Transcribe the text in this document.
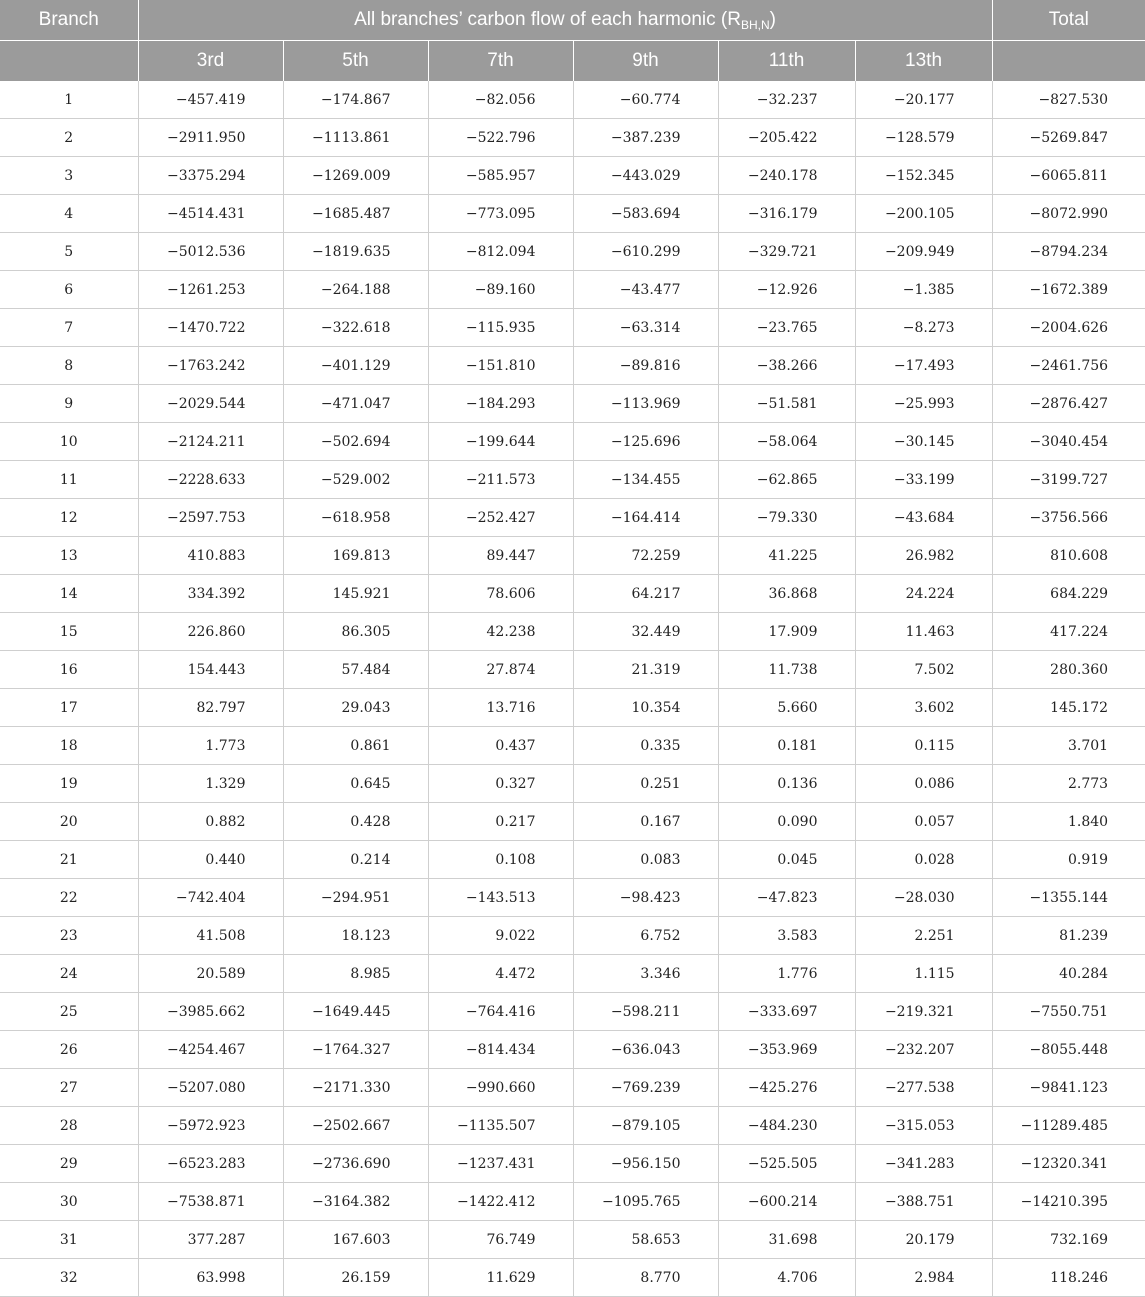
Branch	All branches’ carbon flow of each harmonic $(R_{BH,N})$						Total
	3rd	5th	7th	9th	11th	13th	
1	−457.419	−174.867	−82.056	−60.774	−32.237	−20.177	−827.530
2	−2911.950	−1113.861	−522.796	−387.239	−205.422	−128.579	−5269.847
3	−3375.294	−1269.009	−585.957	−443.029	−240.178	−152.345	−6065.811
4	−4514.431	−1685.487	−773.095	−583.694	−316.179	−200.105	−8072.990
5	−5012.536	−1819.635	−812.094	−610.299	−329.721	−209.949	−8794.234
6	−1261.253	−264.188	−89.160	−43.477	−12.926	−1.385	−1672.389
7	−1470.722	−322.618	−115.935	−63.314	−23.765	−8.273	−2004.626
8	−1763.242	−401.129	−151.810	−89.816	−38.266	−17.493	−2461.756
9	−2029.544	−471.047	−184.293	−113.969	−51.581	−25.993	−2876.427
10	−2124.211	−502.694	−199.644	−125.696	−58.064	−30.145	−3040.454
11	−2228.633	−529.002	−211.573	−134.455	−62.865	−33.199	−3199.727
12	−2597.753	−618.958	−252.427	−164.414	−79.330	−43.684	−3756.566
13	410.883	169.813	89.447	72.259	41.225	26.982	810.608
14	334.392	145.921	78.606	64.217	36.868	24.224	684.229
15	226.860	86.305	42.238	32.449	17.909	11.463	417.224
16	154.443	57.484	27.874	21.319	11.738	7.502	280.360
17	82.797	29.043	13.716	10.354	5.660	3.602	145.172
18	1.773	0.861	0.437	0.335	0.181	0.115	3.701
19	1.329	0.645	0.327	0.251	0.136	0.086	2.773
20	0.882	0.428	0.217	0.167	0.090	0.057	1.840
21	0.440	0.214	0.108	0.083	0.045	0.028	0.919
22	−742.404	−294.951	−143.513	−98.423	−47.823	−28.030	−1355.144
23	41.508	18.123	9.022	6.752	3.583	2.251	81.239
24	20.589	8.985	4.472	3.346	1.776	1.115	40.284
25	−3985.662	−1649.445	−764.416	−598.211	−333.697	−219.321	−7550.751
26	−4254.467	−1764.327	−814.434	−636.043	−353.969	−232.207	−8055.448
27	−5207.080	−2171.330	−990.660	−769.239	−425.276	−277.538	−9841.123
28	−5972.923	−2502.667	−1135.507	−879.105	−484.230	−315.053	−11289.485
29	−6523.283	−2736.690	−1237.431	−956.150	−525.505	−341.283	−12320.341
30	−7538.871	−3164.382	−1422.412	−1095.765	−600.214	−388.751	−14210.395
31	377.287	167.603	76.749	58.653	31.698	20.179	732.169
32	63.998	26.159	11.629	8.770	4.706	2.984	118.246
